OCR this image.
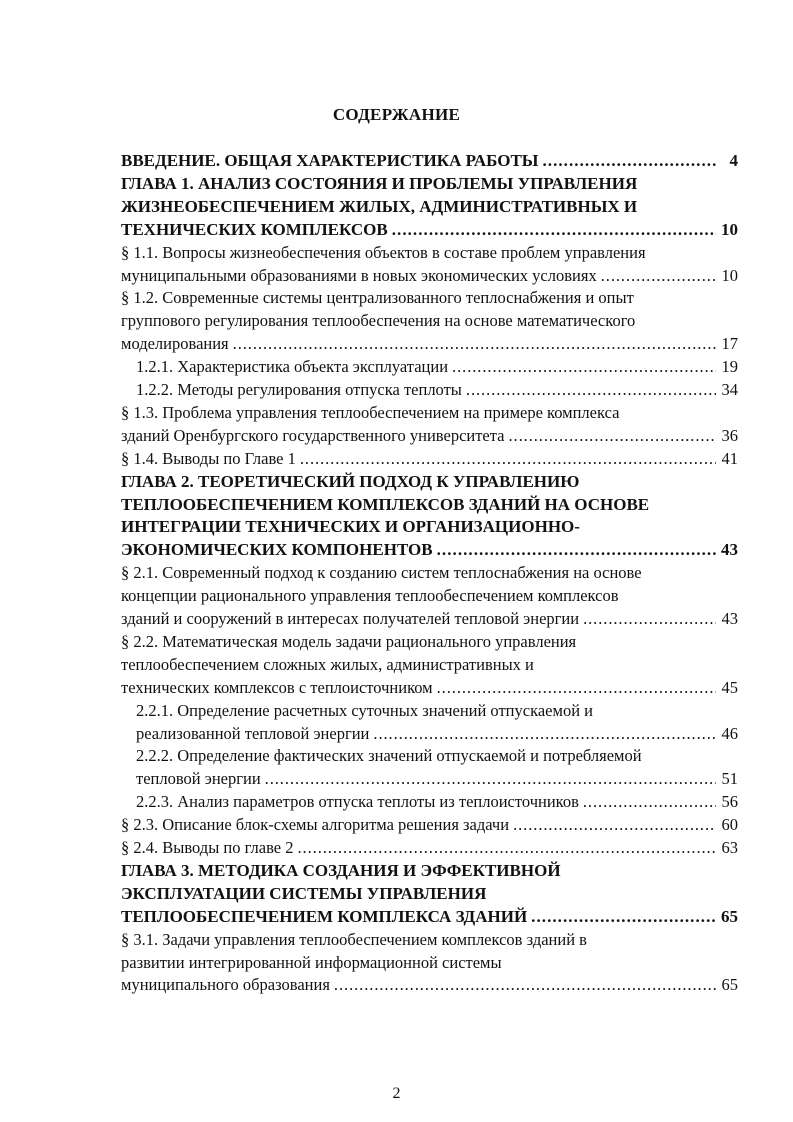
СОДЕРЖАНИЕ
ВВЕДЕНИЕ. ОБЩАЯ ХАРАКТЕРИСТИКА РАБОТЫ . . .	4
ГЛАВА 1. АНАЛИЗ СОСТОЯНИЯ И ПРОБЛЕМЫ УПРАВЛЕНИЯ
ЖИЗНЕОБЕСПЕЧЕНИЕМ ЖИЛЫХ, АДМИНИСТРАТИВНЫХ И
ТЕХНИЧЕСКИХ КОМПЛЕКСОВ . . .	10
§ 1.1. Вопросы жизнеобеспечения объектов в составе проблем управления
муниципальными образованиями в новых экономических условиях . . .	10
§ 1.2. Современные системы централизованного теплоснабжения и опыт
группового регулирования теплообеспечения на основе математического
моделирования . . .	17
1.2.1. Характеристика объекта эксплуатации . . .	19
1.2.2. Методы регулирования отпуска теплоты . . .	34
§ 1.3. Проблема управления теплообеспечением на примере комплекса
зданий Оренбургского государственного университета . . .	36
§ 1.4. Выводы по Главе 1 . . .	41
ГЛАВА 2. ТЕОРЕТИЧЕСКИЙ ПОДХОД К УПРАВЛЕНИЮ
ТЕПЛООБЕСПЕЧЕНИЕМ КОМПЛЕКСОВ ЗДАНИЙ НА ОСНОВЕ
ИНТЕГРАЦИИ ТЕХНИЧЕСКИХ И ОРГАНИЗАЦИОННО-
ЭКОНОМИЧЕСКИХ КОМПОНЕНТОВ . . .	43
§ 2.1. Современный подход к созданию систем теплоснабжения на основе
концепции рационального управления теплообеспечением комплексов
зданий и сооружений в интересах получателей тепловой энергии . . .	43
§ 2.2. Математическая модель задачи рационального управления
теплообеспечением сложных жилых, административных и
технических комплексов с теплоисточником . . .	45
2.2.1. Определение расчетных суточных значений отпускаемой и
реализованной тепловой энергии . . .	46
2.2.2. Определение фактических значений отпускаемой и потребляемой
тепловой энергии . . .	51
2.2.3. Анализ параметров отпуска теплоты из теплоисточников . . .	56
§ 2.3. Описание блок-схемы алгоритма решения задачи . . .	60
§ 2.4. Выводы по главе 2 . . .	63
ГЛАВА 3. МЕТОДИКА СОЗДАНИЯ И ЭФФЕКТИВНОЙ
ЭКСПЛУАТАЦИИ СИСТЕМЫ УПРАВЛЕНИЯ
ТЕПЛООБЕСПЕЧЕНИЕМ КОМПЛЕКСА ЗДАНИЙ . . .	65
§ 3.1. Задачи управления теплообеспечением комплексов зданий в
развитии интегрированной информационной системы
муниципального образования . . .	65
2
